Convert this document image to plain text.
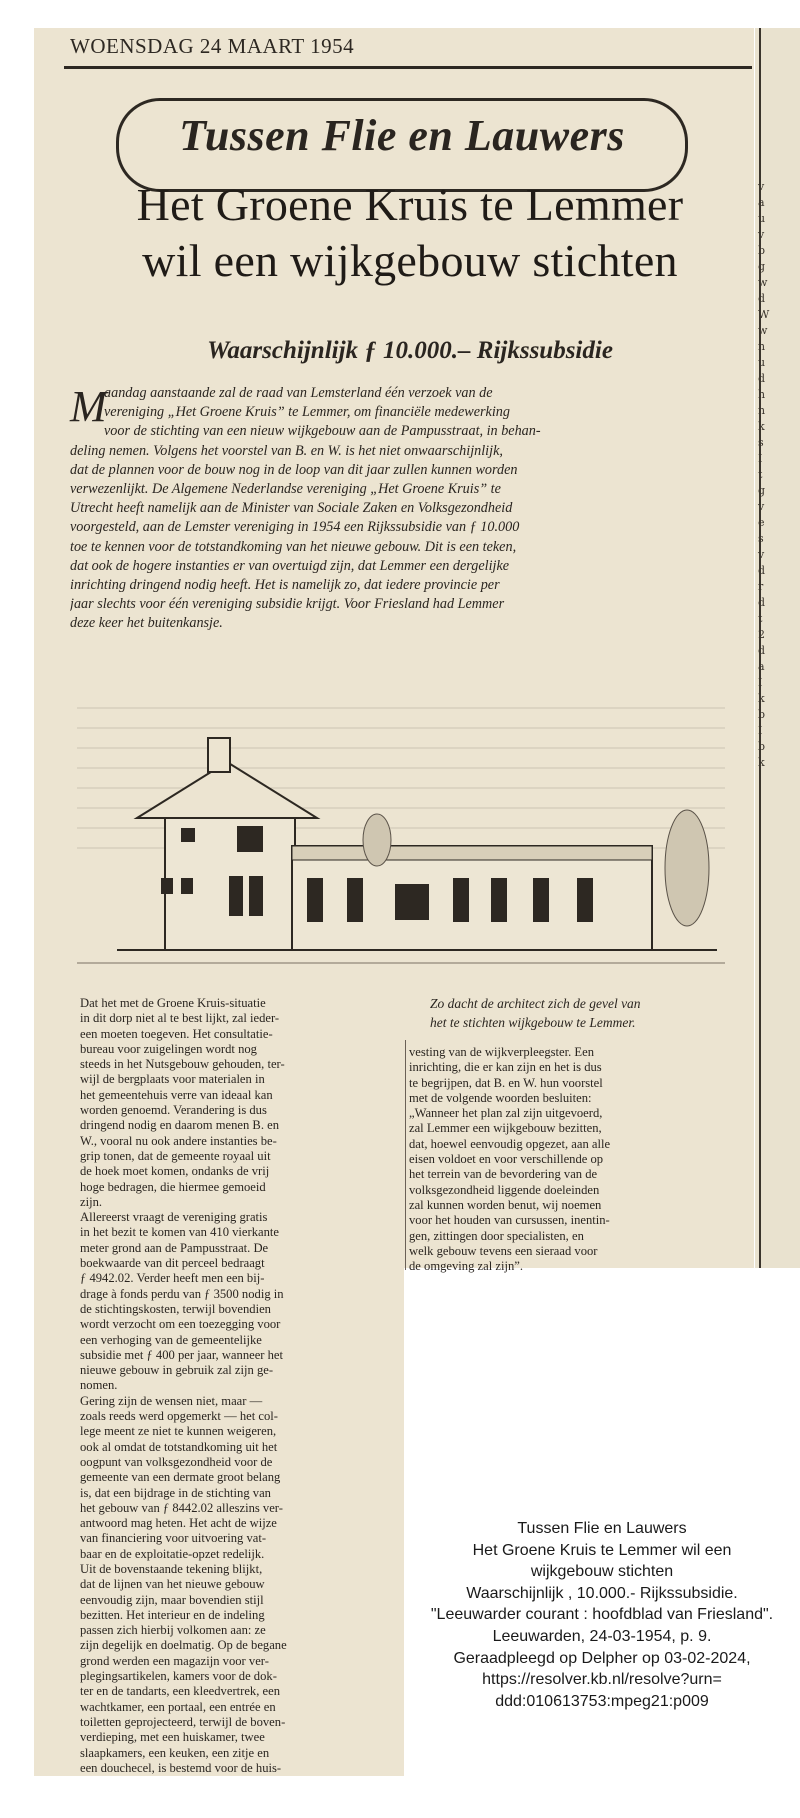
v
a
u
v
b
g
w
d
W
w
n
u
d
h
n
k
s
I
t
g
v
e
s
v
d
r
d
t
2
d
a
I
k
b
I
b
k
WOENSDAG 24 MAART 1954
Tussen Flie en Lauwers
Het Groene Kruis te Lemmer
wil een wijkgebouw stichten
Waarschijnlijk ƒ 10.000.– Rijkssubsidie
M
aandag aanstaande zal de raad van Lemsterland één verzoek van de
vereniging „Het Groene Kruis” te Lemmer, om financiële medewerking
voor de stichting van een nieuw wijkgebouw aan de Pampusstraat, in behan-
deling nemen. Volgens het voorstel van B. en W. is het niet onwaarschijnlijk,
dat de plannen voor de bouw nog in de loop van dit jaar zullen kunnen worden
verwezenlijkt. De Algemene Nederlandse vereniging „Het Groene Kruis” te
Utrecht heeft namelijk aan de Minister van Sociale Zaken en Volksgezondheid
voorgesteld, aan de Lemster vereniging in 1954 een Rijkssubsidie van ƒ 10.000
toe te kennen voor de totstandkoming van het nieuwe gebouw. Dit is een teken,
dat ook de hogere instanties er van overtuigd zijn, dat Lemmer een dergelijke
inrichting dringend nodig heeft. Het is namelijk zo, dat iedere provincie per
jaar slechts voor één vereniging subsidie krijgt. Voor Friesland had Lemmer
deze keer het buitenkansje.
Zo dacht de architect zich de gevel van
het te stichten wijkgebouw te Lemmer.
Dat het met de Groene Kruis-situatie
in dit dorp niet al te best lijkt, zal ieder-
een moeten toegeven. Het consultatie-
bureau voor zuigelingen wordt nog
steeds in het Nutsgebouw gehouden, ter-
wijl de bergplaats voor materialen in
het gemeentehuis verre van ideaal kan
worden genoemd. Verandering is dus
dringend nodig en daarom menen B. en
W., vooral nu ook andere instanties be-
grip tonen, dat de gemeente royaal uit
de hoek moet komen, ondanks de vrij
hoge bedragen, die hiermee gemoeid
zijn.
Allereerst vraagt de vereniging gratis
in het bezit te komen van 410 vierkante
meter grond aan de Pampusstraat. De
boekwaarde van dit perceel bedraagt
ƒ 4942.02. Verder heeft men een bij-
drage à fonds perdu van ƒ 3500 nodig in
de stichtingskosten, terwijl bovendien
wordt verzocht om een toezegging voor
een verhoging van de gemeentelijke
subsidie met ƒ 400 per jaar, wanneer het
nieuwe gebouw in gebruik zal zijn ge-
nomen.
Gering zijn de wensen niet, maar —
zoals reeds werd opgemerkt — het col-
lege meent ze niet te kunnen weigeren,
ook al omdat de totstandkoming uit het
oogpunt van volksgezondheid voor de
gemeente van een dermate groot belang
is, dat een bijdrage in de stichting van
het gebouw van ƒ 8442.02 alleszins ver-
antwoord mag heten. Het acht de wijze
van financiering voor uitvoering vat-
baar en de exploitatie-opzet redelijk.
Uit de bovenstaande tekening blijkt,
dat de lijnen van het nieuwe gebouw
eenvoudig zijn, maar bovendien stijl
bezitten. Het interieur en de indeling
passen zich hierbij volkomen aan: ze
zijn degelijk en doelmatig. Op de begane
grond werden een magazijn voor ver-
plegingsartikelen, kamers voor de dok-
ter en de tandarts, een kleedvertrek, een
wachtkamer, een portaal, een entrée en
toiletten geprojecteerd, terwijl de boven-
verdieping, met een huiskamer, twee
slaapkamers, een keuken, een zitje en
een douchecel, is bestemd voor de huis-
vesting van de wijkverpleegster. Een
inrichting, die er kan zijn en het is dus
te begrijpen, dat B. en W. hun voorstel
met de volgende woorden besluiten:
„Wanneer het plan zal zijn uitgevoerd,
zal Lemmer een wijkgebouw bezitten,
dat, hoewel eenvoudig opgezet, aan alle
eisen voldoet en voor verschillende op
het terrein van de bevordering van de
volksgezondheid liggende doeleinden
zal kunnen worden benut, wij noemen
voor het houden van cursussen, inentin-
gen, zittingen door specialisten, en
welk gebouw tevens een sieraad voor
de omgeving zal zijn”.
Tussen Flie en Lauwers
Het Groene Kruis te Lemmer wil een
wijkgebouw stichten
Waarschijnlijk , 10.000.- Rijkssubsidie.
"Leeuwarder courant : hoofdblad van Friesland".
Leeuwarden, 24-03-1954, p. 9.
Geraadpleegd op Delpher op 03-02-2024,
https://resolver.kb.nl/resolve?urn=
ddd:010613753:mpeg21:p009
